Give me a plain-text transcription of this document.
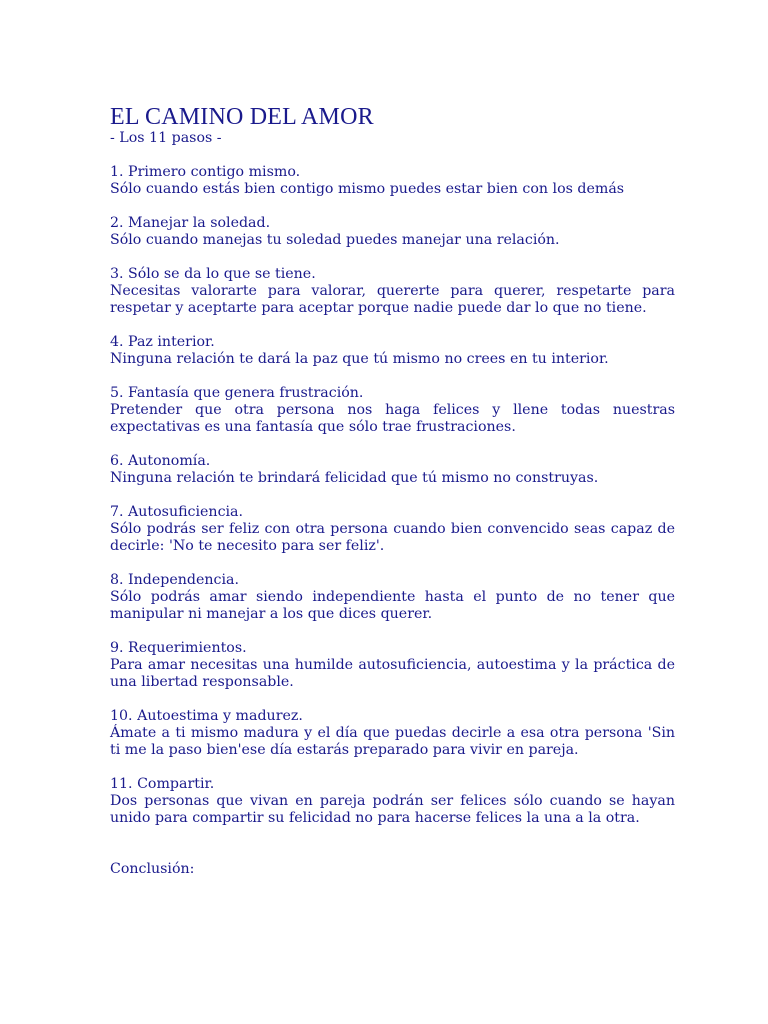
EL CAMINO DEL AMOR

- Los 11 pasos -

1. Primero contigo mismo.

Sólo cuando estás bien contigo mismo puedes estar bien con los demás

2. Manejar la soledad.

Sólo cuando manejas tu soledad puedes manejar una relación.

3. Sólo se da lo que se tiene.

Necesitas valorarte para valorar, quererte para querer, respetarte para respetar y aceptarte para aceptar porque nadie puede dar lo que no tiene.

4. Paz interior.

Ninguna relación te dará la paz que tú mismo no crees en tu interior.

5. Fantasía que genera frustración.

Pretender que otra persona nos haga felices y llene todas nuestras expectativas es una fantasía que sólo trae frustraciones.

6. Autonomía.

Ninguna relación te brindará felicidad que tú mismo no construyas.

7. Autosuficiencia.

Sólo podrás ser feliz con otra persona cuando bien convencido seas capaz de decirle: 'No te necesito para ser feliz'.

8. Independencia.

Sólo podrás amar siendo independiente hasta el punto de no tener que manipular ni manejar a los que dices querer.

9. Requerimientos.

Para amar necesitas una humilde autosuficiencia, autoestima y la práctica de una libertad responsable.

10. Autoestima y madurez.

Ámate a ti mismo madura y el día que puedas decirle a esa otra persona 'Sin ti me la paso bien'ese día estarás preparado para vivir en pareja.

11. Compartir.

Dos personas que vivan en pareja podrán ser felices sólo cuando se hayan unido para compartir su felicidad no para hacerse felices la una a la otra.

Conclusión:
